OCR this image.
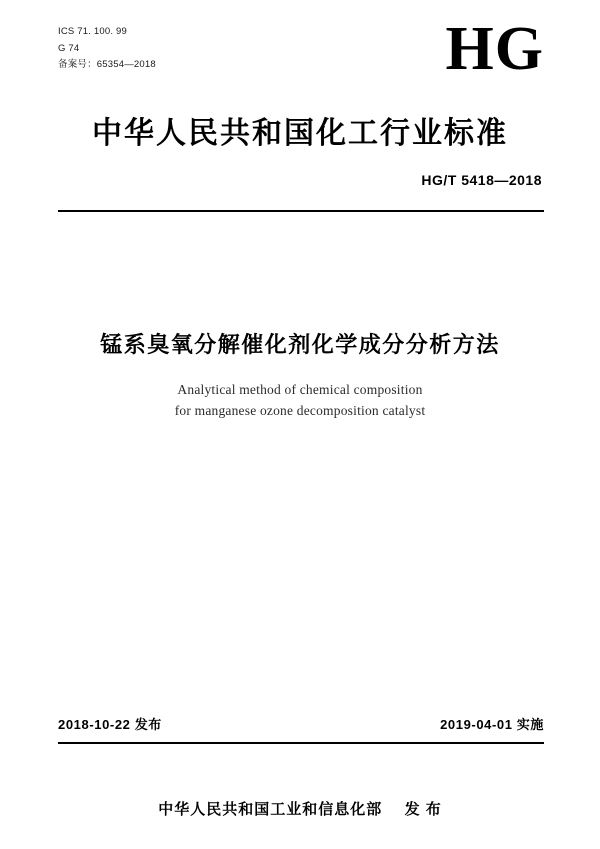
ICS 71. 100. 99
G 74
备案号：65354—2018	HG
中华人民共和国化工行业标准
HG/T 5418—2018
锰系臭氧分解催化剂化学成分分析方法
Analytical method of chemical composition
for manganese ozone decomposition catalyst
2018-10-22 发布	2019-04-01 实施
中华人民共和国工业和信息化部 发 布
